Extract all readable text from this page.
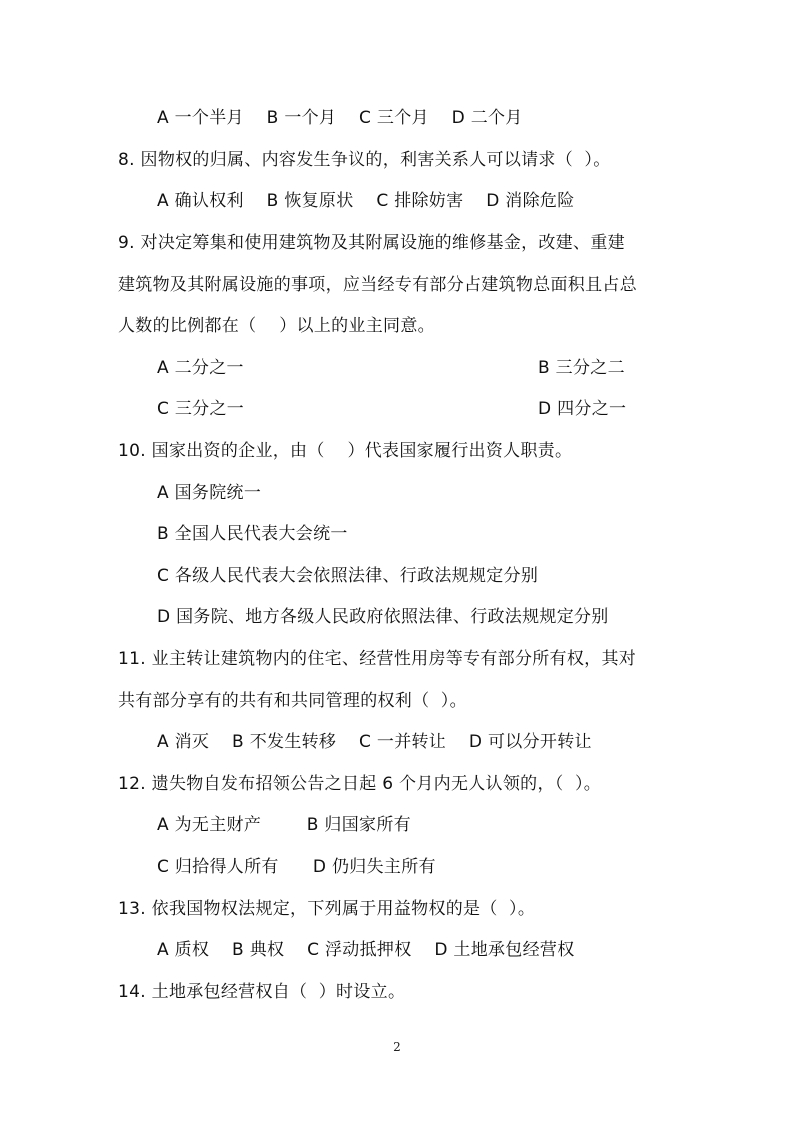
A 一个半月    B 一个月    C 三个月    D 二个月
8. 因物权的归属、内容发生争议的，利害关系人可以请求（  ）。
A 确认权利    B 恢复原状    C 排除妨害    D 消除危险
9. 对决定筹集和使用建筑物及其附属设施的维修基金，改建、重建
建筑物及其附属设施的事项，应当经专有部分占建筑物总面积且占总
人数的比例都在（    ）以上的业主同意。
A 二分之一	B 三分之二
C 三分之一	D 四分之一
10. 国家出资的企业，由（    ）代表国家履行出资人职责。
A 国务院统一
B 全国人民代表大会统一
C 各级人民代表大会依照法律、行政法规规定分别
D 国务院、地方各级人民政府依照法律、行政法规规定分别
11. 业主转让建筑物内的住宅、经营性用房等专有部分所有权，其对
共有部分享有的共有和共同管理的权利（  ）。
A 消灭    B 不发生转移    C 一并转让    D 可以分开转让
12. 遗失物自发布招领公告之日起 6 个月内无人认领的，（  ）。
A 为无主财产        B 归国家所有
C 归拾得人所有      D 仍归失主所有
13. 依我国物权法规定，下列属于用益物权的是（  ）。
A 质权    B 典权    C 浮动抵押权    D 土地承包经营权
14. 土地承包经营权自（  ）时设立。
2
